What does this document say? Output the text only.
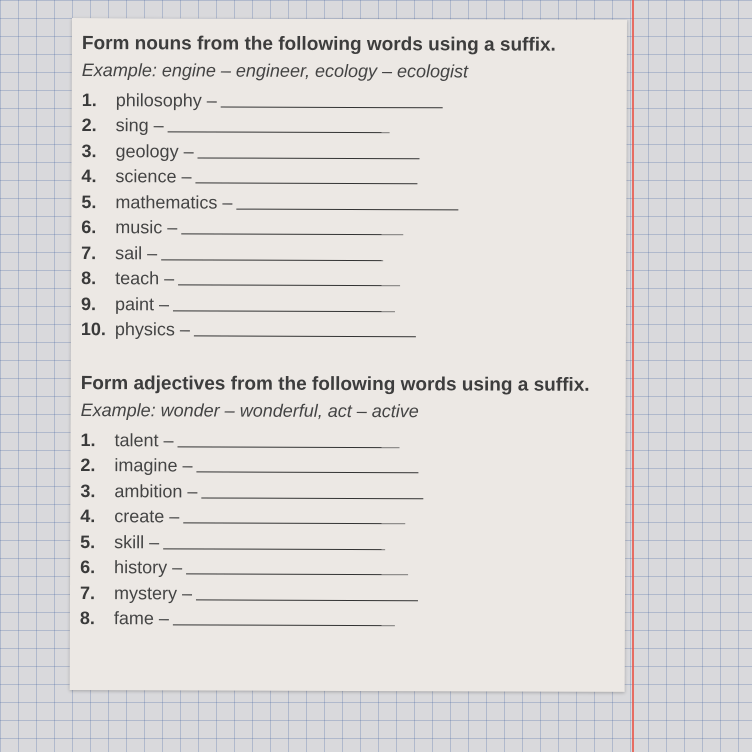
Form nouns from the following words using a suffix.
Example: engine – engineer, ecology – ecologist
1.	philosophy –
2.	sing –
3.	geology –
4.	science –
5.	mathematics –
6.	music –
7.	sail –
8.	teach –
9.	paint –
10. physics –
Form adjectives from the following words using a suffix.
Example: wonder – wonderful, act – active
1.	talent –
2.	imagine –
3.	ambition –
4.	create –
5.	skill –
6.	history –
7.	mystery –
8.	fame –
